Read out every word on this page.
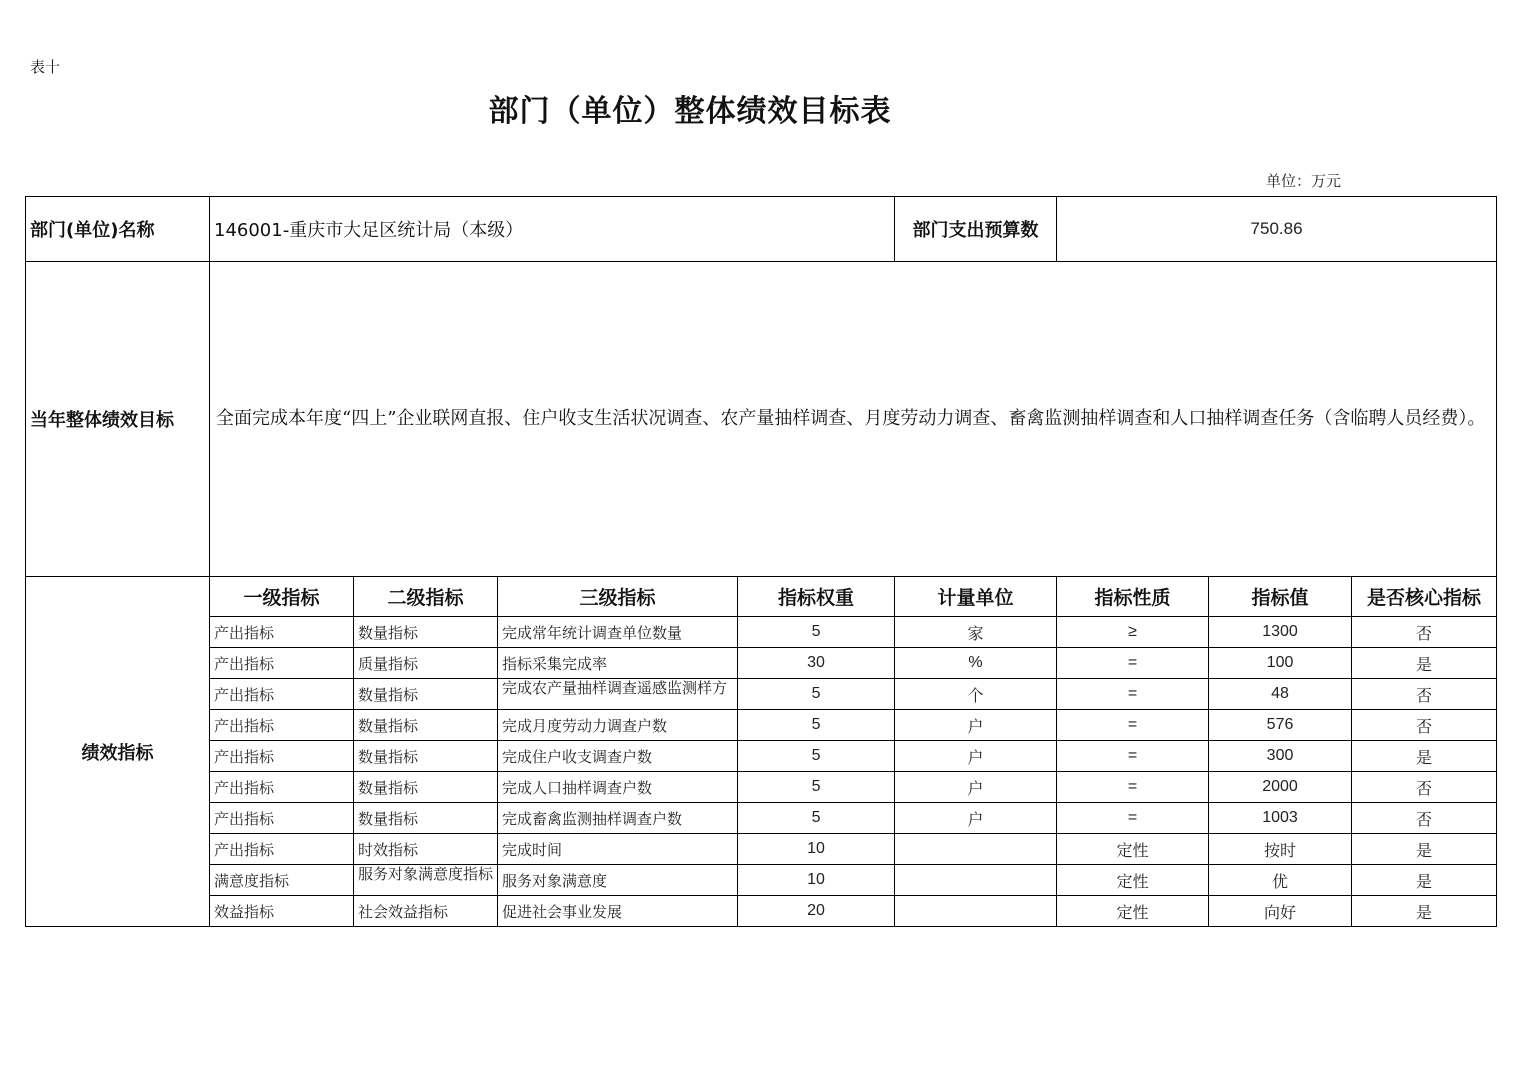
表十
部门（单位）整体绩效目标表
单位：万元
部门(单位)名称	146001-重庆市大足区统计局（本级）				部门支出预算数	750.86		
当年整体绩效目标	全面完成本年度“四上”企业联网直报、住户收支生活状况调查、农产量抽样调查、月度劳动力调查、畜禽监测抽样调查和人口抽样调查任务（含临聘人员经费）。							
绩效指标	一级指标	二级指标	三级指标	指标权重	计量单位	指标性质	指标值	是否核心指标
	产出指标	数量指标	完成常年统计调查单位数量	5	家	≥	1300	否
	产出指标	质量指标	指标采集完成率	30	%	=	100	是
	产出指标	数量指标	完成农产量抽样调查遥感监测样方	5	个	=	48	否
	产出指标	数量指标	完成月度劳动力调查户数	5	户	=	576	否
	产出指标	数量指标	完成住户收支调查户数	5	户	=	300	是
	产出指标	数量指标	完成人口抽样调查户数	5	户	=	2000	否
	产出指标	数量指标	完成畜禽监测抽样调查户数	5	户	=	1003	否
	产出指标	时效指标	完成时间	10		定性	按时	是
	满意度指标	服务对象满意度指标	服务对象满意度	10		定性	优	是
	效益指标	社会效益指标	促进社会事业发展	20		定性	向好	是
